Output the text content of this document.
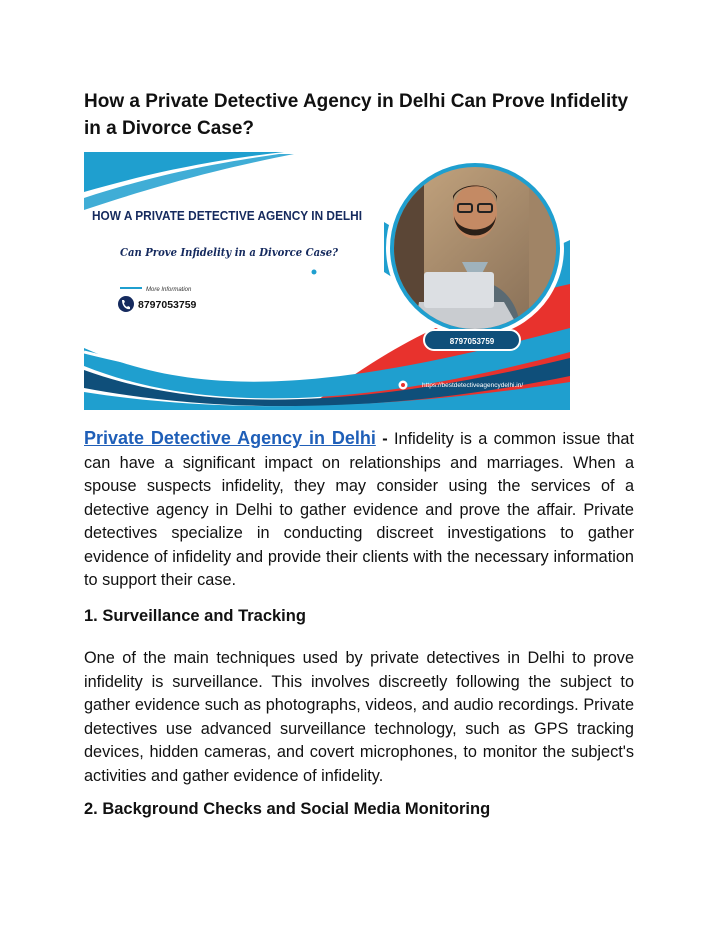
How a Private Detective Agency in Delhi Can Prove Infidelity
in a Divorce Case?
8797053759
HOW A PRIVATE DETECTIVE AGENCY IN DELHI
Can Prove Infidelity in a Divorce Case?
More Information
8797053759
https://bestdetectiveagencydelhi.in/

Private Detective Agency in Delhi - Infidelity is a common issue that can have a significant impact on relationships and marriages. When a spouse suspects infidelity, they may consider using the services of a detective agency in Delhi to gather evidence and prove the affair. Private detectives specialize in conducting discreet investigations to gather evidence of infidelity and provide their clients with the necessary information to support their case.

1. Surveillance and Tracking

One of the main techniques used by private detectives in Delhi to prove infidelity is surveillance. This involves discreetly following the subject to gather evidence such as photographs, videos, and audio recordings. Private detectives use advanced surveillance technology, such as GPS tracking devices, hidden cameras, and covert microphones, to monitor the subject's activities and gather evidence of infidelity.

2. Background Checks and Social Media Monitoring
